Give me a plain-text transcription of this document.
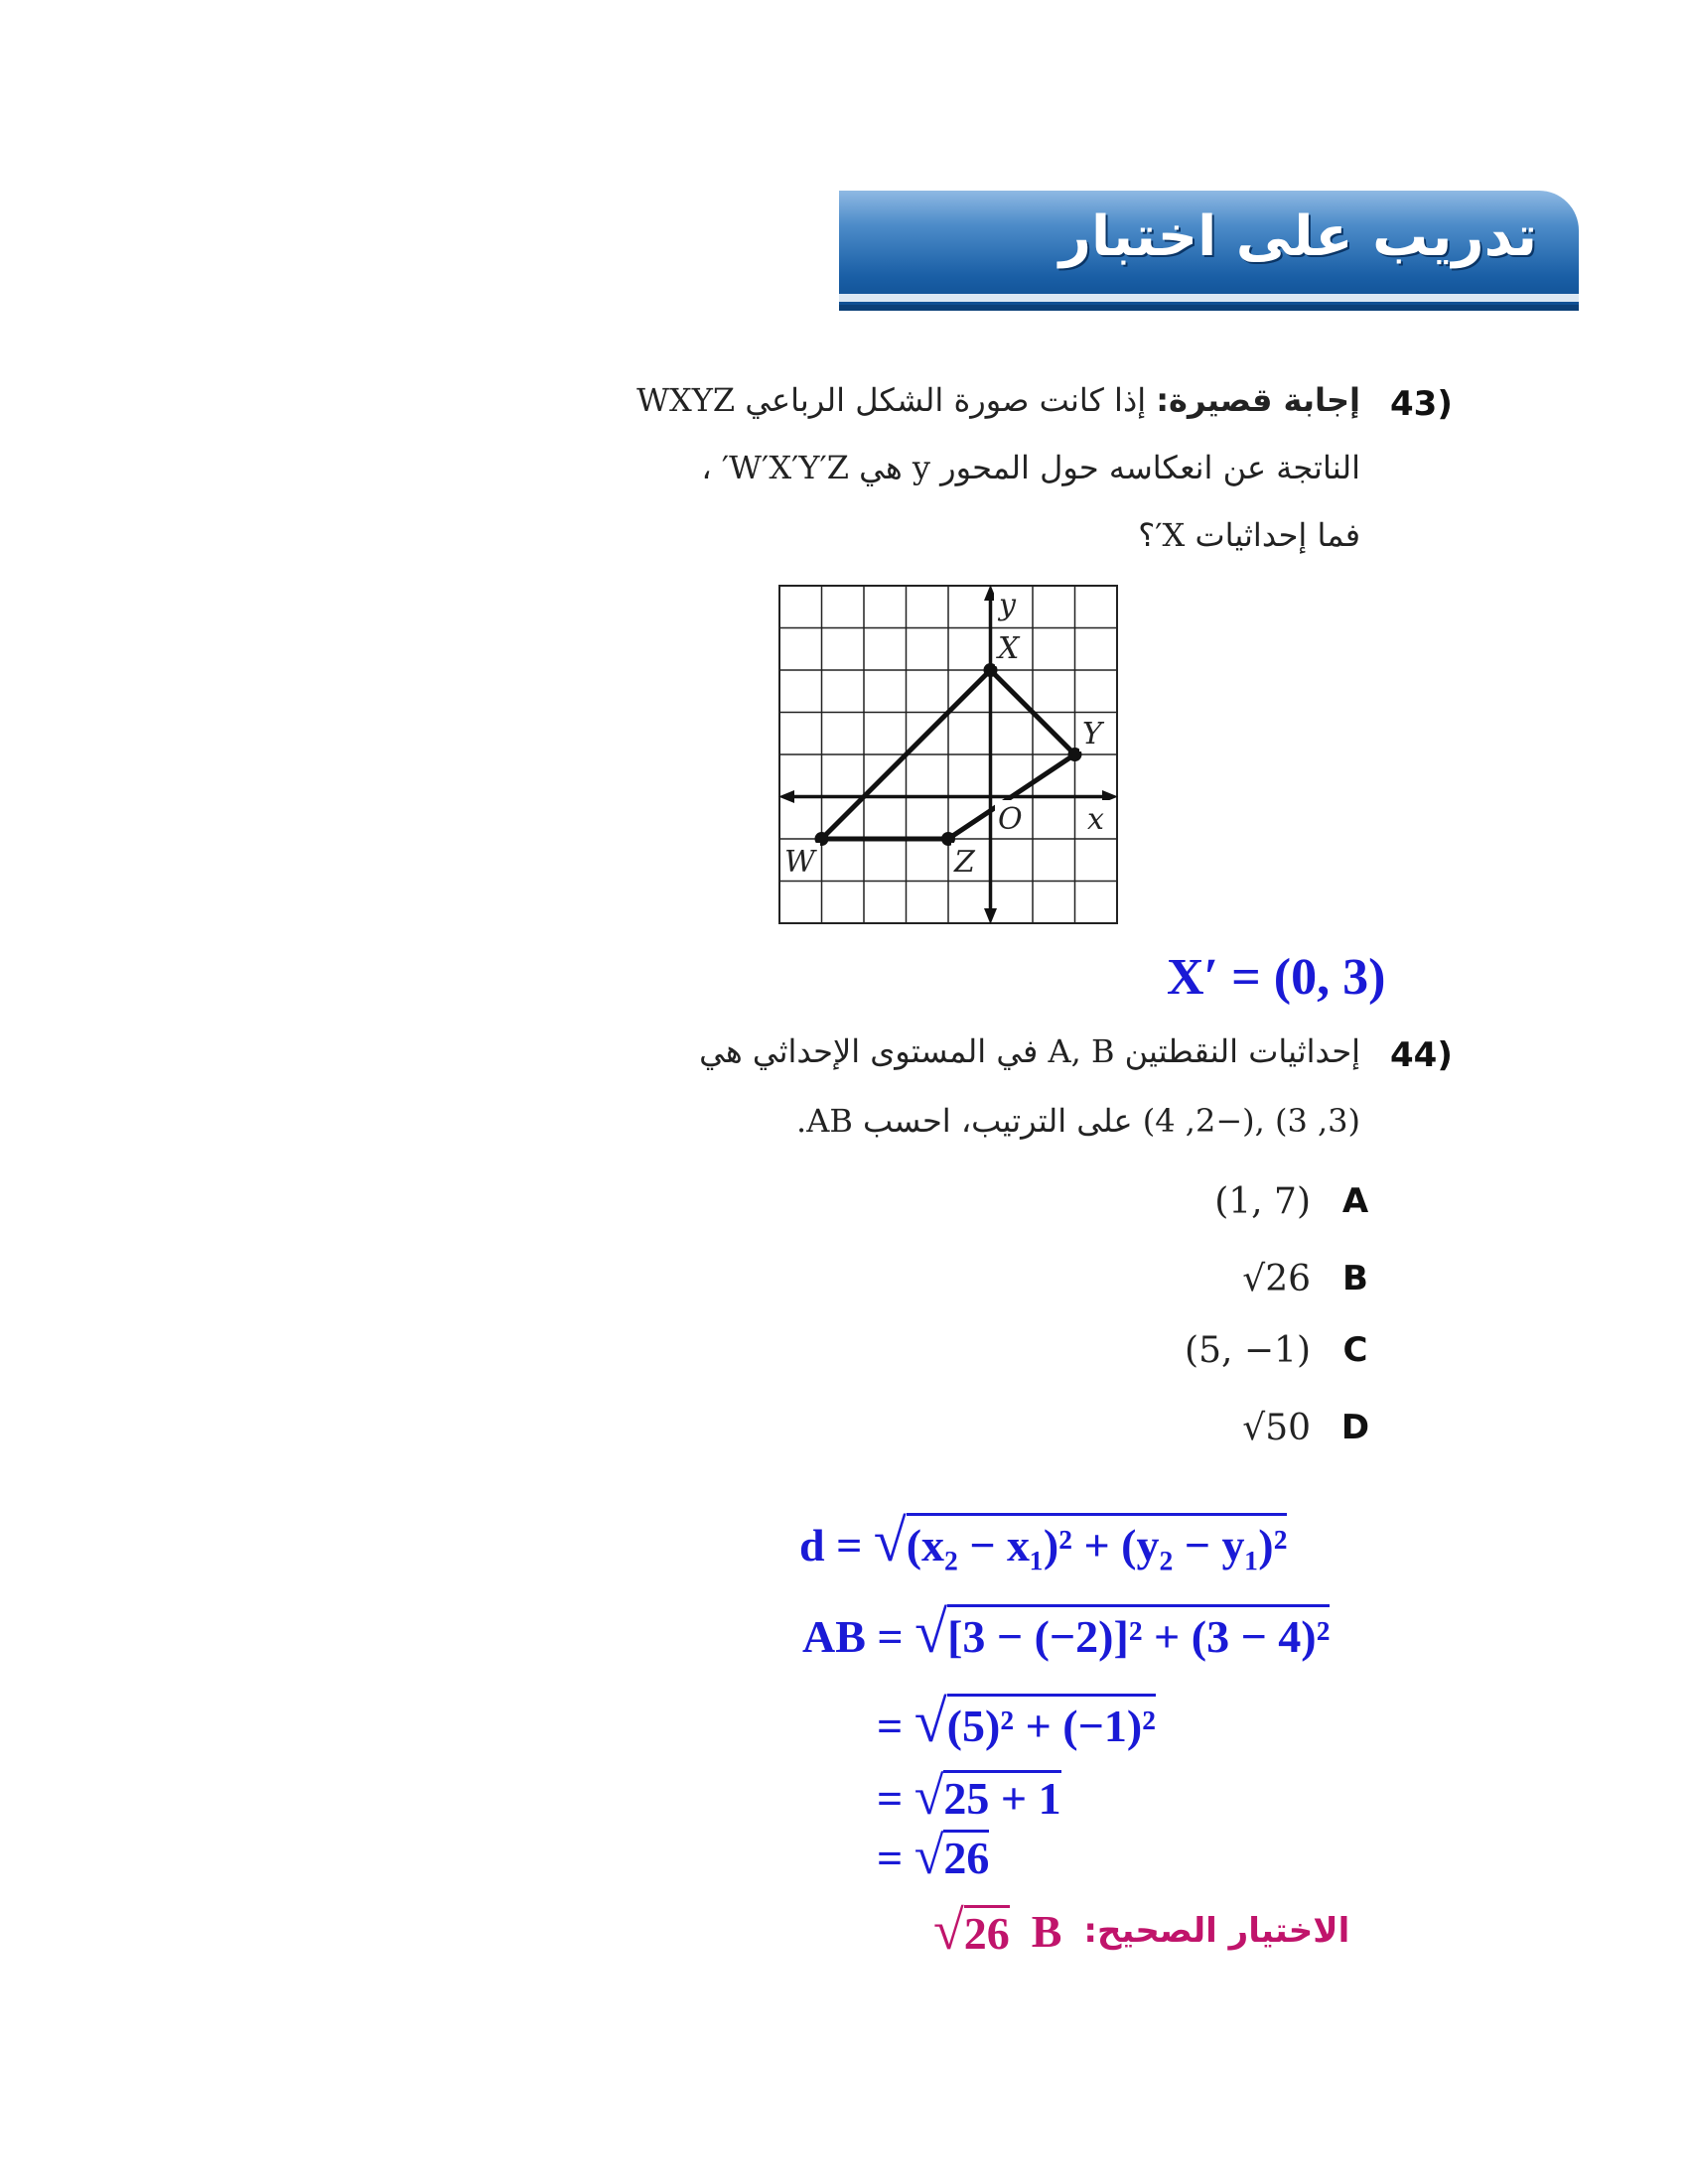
تدريب على اختبار
43)
إجابة قصيرة: إذا كانت صورة الشكل الرباعي WXYZ
الناتجة عن انعكاسه حول المحور y هي W′X′Y′Z′ ،
فما إحداثيات X′؟
y
X
Y
O x
W	Z
X′ = (0, 3)
44)
إحداثيات النقطتين A, B في المستوى الإحداثي هي
(3, 3) ,(−2, 4) على الترتيب، احسب AB.
(1, 7) A
√26 B
(5, −1) C
√50 D
d = √(x₂ − x₁)² + (y₂ − y₁)²
AB = √[3 − (−2)]² + (3 − 4)²
= √(5)² + (−1)²
= √25 + 1
= √26
√26 B الاختيار الصحيح:
